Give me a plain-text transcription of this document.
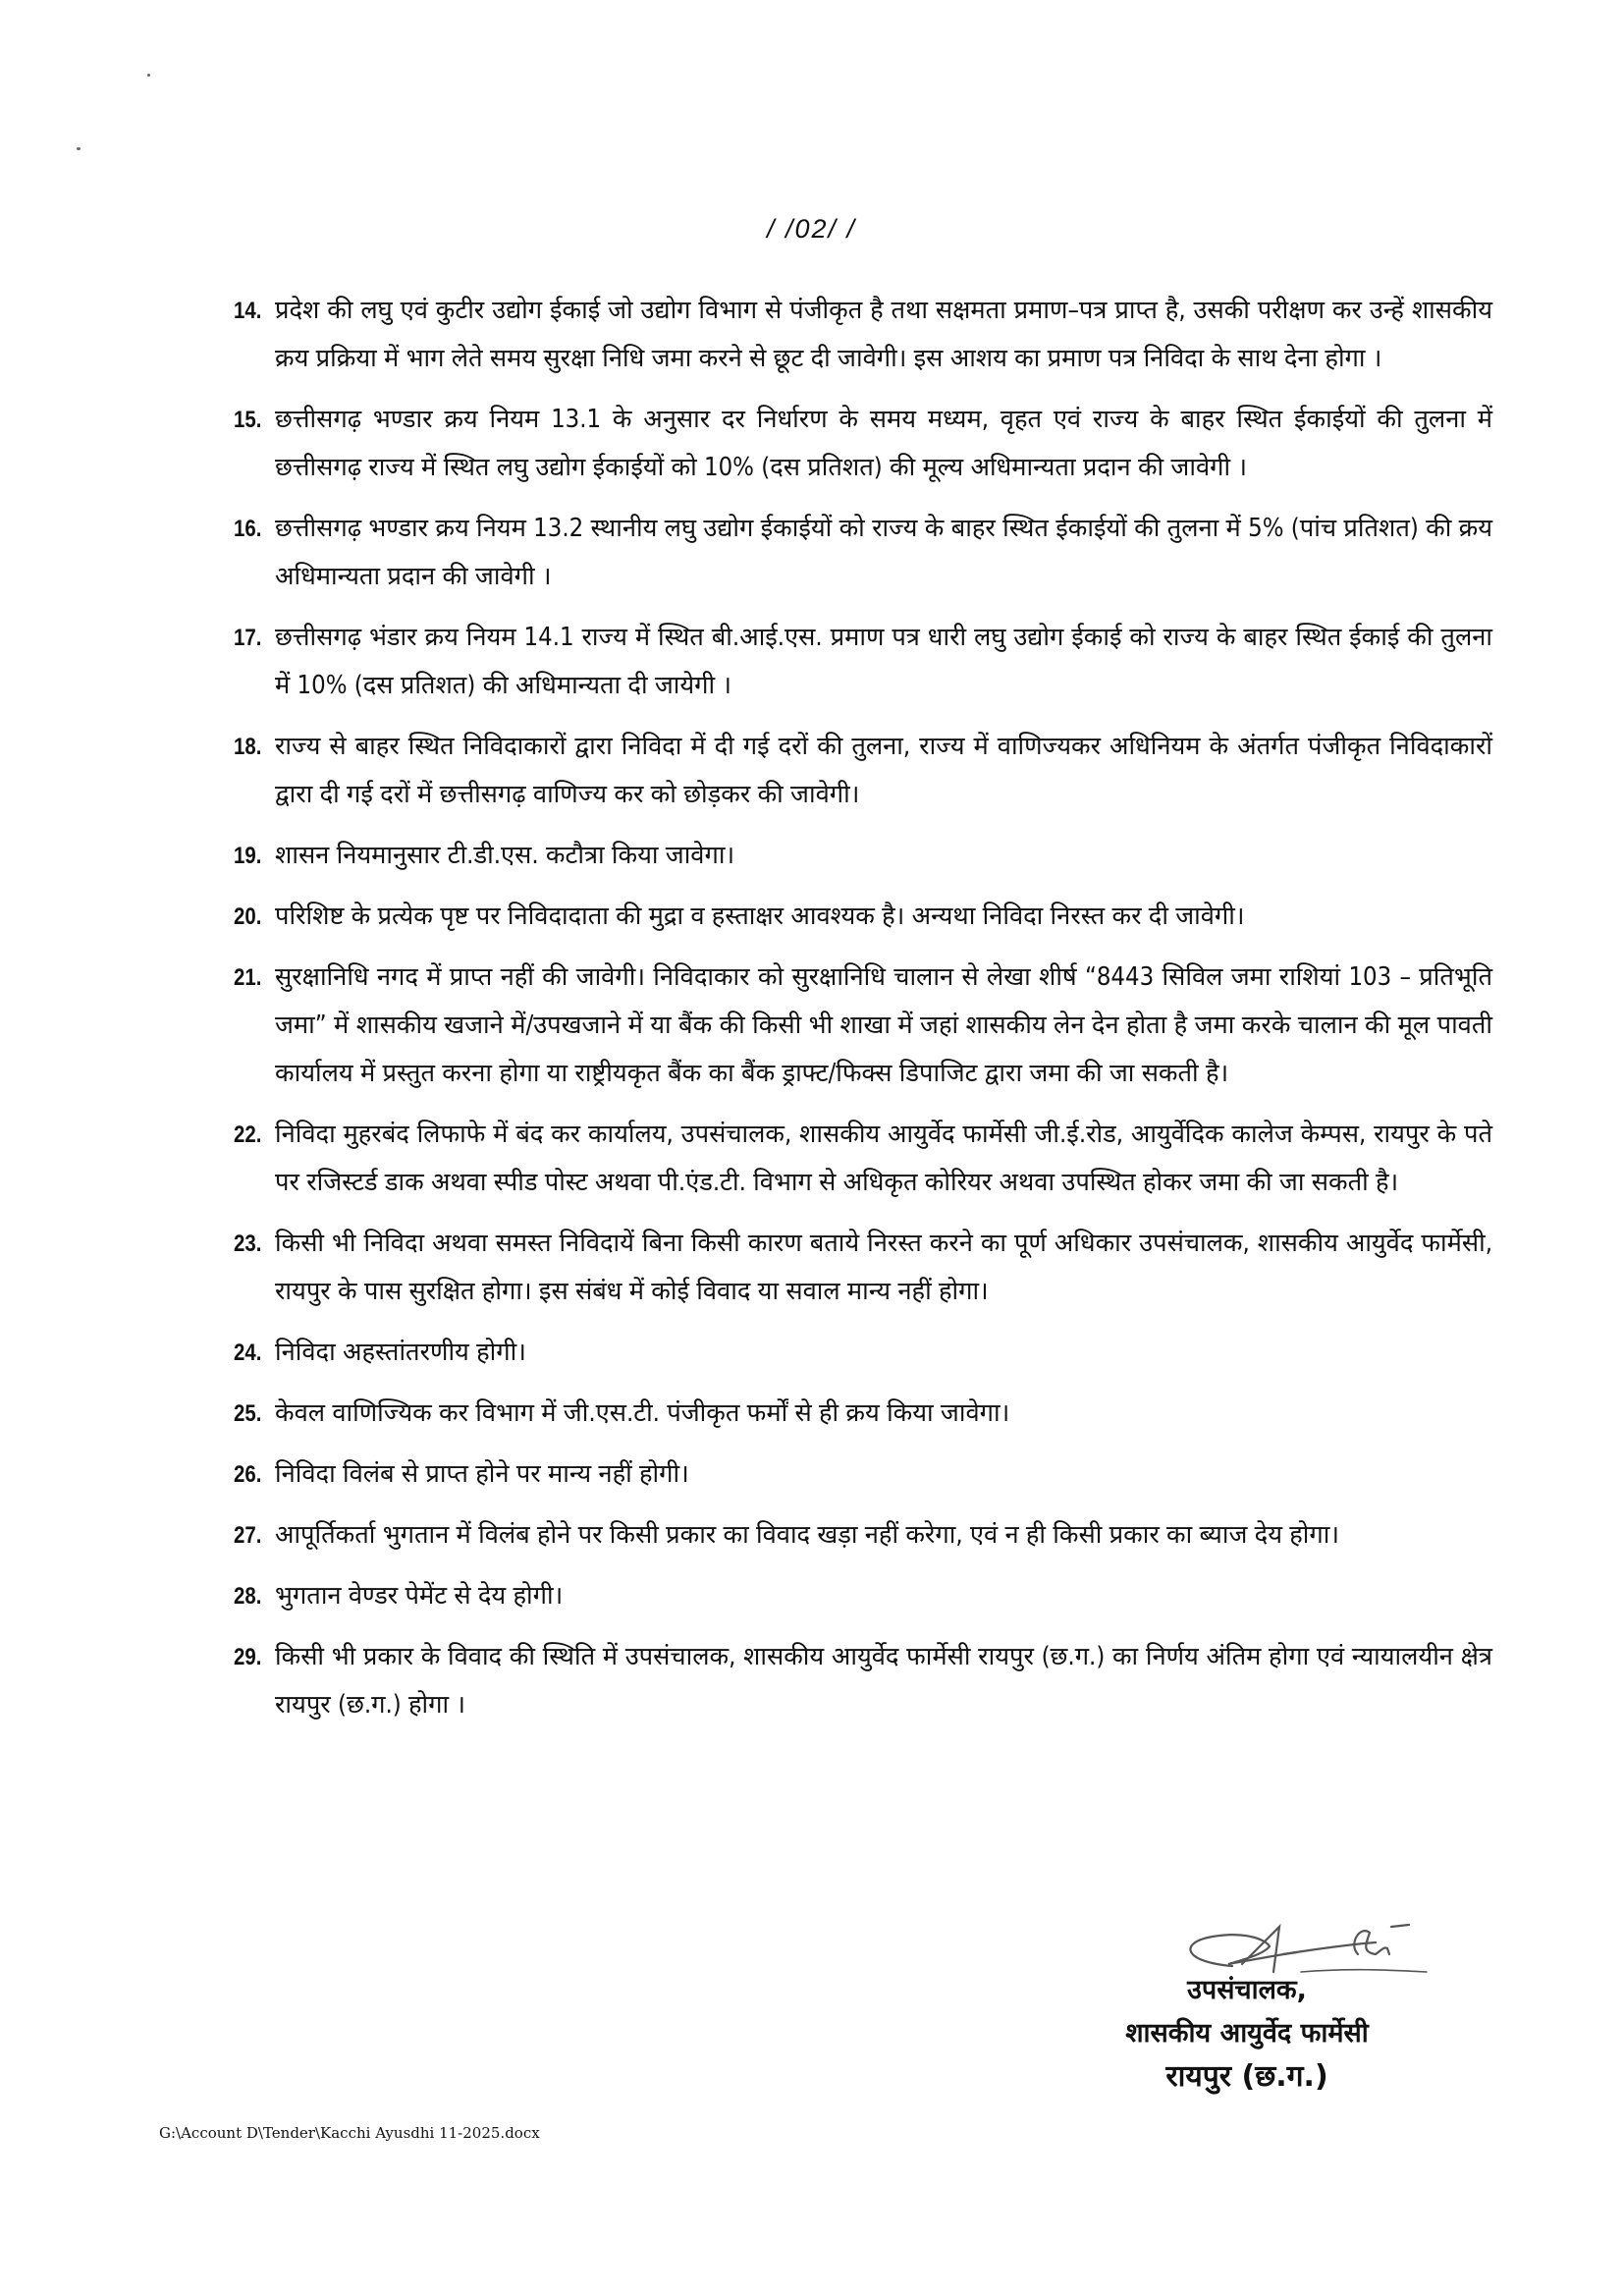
/ /02/ /
14. प्रदेश की लघु एवं कुटीर उद्योग ईकाई जो उद्योग विभाग से पंजीकृत है तथा सक्षमता प्रमाण–पत्र प्राप्त है, उसकी परीक्षण कर उन्हें शासकीय क्रय प्रक्रिया में भाग लेते समय सुरक्षा निधि जमा करने से छूट दी जावेगी। इस आशय का प्रमाण पत्र निविदा के साथ देना होगा ।
15. छत्तीसगढ़ भण्डार क्रय नियम 13.1 के अनुसार दर निर्धारण के समय मध्यम, वृहत एवं राज्य के बाहर स्थित ईकाईयों की तुलना में छत्तीसगढ़ राज्य में स्थित लघु उद्योग ईकाईयों को 10% (दस प्रतिशत) की मूल्य अधिमान्यता प्रदान की जावेगी ।
16. छत्तीसगढ़ भण्डार क्रय नियम 13.2 स्थानीय लघु उद्योग ईकाईयों को राज्य के बाहर स्थित ईकाईयों की तुलना में 5% (पांच प्रतिशत) की क्रय अधिमान्यता प्रदान की जावेगी ।
17. छत्तीसगढ़ भंडार क्रय नियम 14.1 राज्य में स्थित बी.आई.एस. प्रमाण पत्र धारी लघु उद्योग ईकाई को राज्य के बाहर स्थित ईकाई की तुलना में 10% (दस प्रतिशत) की अधिमान्यता दी जायेगी ।
18. राज्य से बाहर स्थित निविदाकारों द्वारा निविदा में दी गई दरों की तुलना, राज्य में वाणिज्यकर अधिनियम के अंतर्गत पंजीकृत निविदाकारों द्वारा दी गई दरों में छत्तीसगढ़ वाणिज्य कर को छोड़कर की जावेगी।
19. शासन नियमानुसार टी.डी.एस. कटौत्रा किया जावेगा।
20. परिशिष्ट के प्रत्येक पृष्ट पर निविदादाता की मुद्रा व हस्ताक्षर आवश्यक है। अन्यथा निविदा निरस्त कर दी जावेगी।
21. सुरक्षानिधि नगद में प्राप्त नहीं की जावेगी। निविदाकार को सुरक्षानिधि चालान से लेखा शीर्ष “8443 सिविल जमा राशियां 103 – प्रतिभूति जमा” में शासकीय खजाने में/उपखजाने में या बैंक की किसी भी शाखा में जहां शासकीय लेन देन होता है जमा करके चालान की मूल पावती कार्यालय में प्रस्तुत करना होगा या राष्ट्रीयकृत बैंक का बैंक ड्राफ्ट/फिक्स डिपाजिट द्वारा जमा की जा सकती है।
22. निविदा मुहरबंद लिफाफे में बंद कर कार्यालय, उपसंचालक, शासकीय आयुर्वेद फार्मेसी जी.ई.रोड, आयुर्वेदिक कालेज केम्पस, रायपुर के पते पर रजिस्टर्ड डाक अथवा स्पीड पोस्ट अथवा पी.एंड.टी. विभाग से अधिकृत कोरियर अथवा उपस्थित होकर जमा की जा सकती है।
23. किसी भी निविदा अथवा समस्त निविदायें बिना किसी कारण बताये निरस्त करने का पूर्ण अधिकार उपसंचालक, शासकीय आयुर्वेद फार्मेसी, रायपुर के पास सुरक्षित होगा। इस संबंध में कोई विवाद या सवाल मान्य नहीं होगा।
24. निविदा अहस्तांतरणीय होगी।
25. केवल वाणिज्यिक कर विभाग में जी.एस.टी. पंजीकृत फर्मों से ही क्रय किया जावेगा।
26. निविदा विलंब से प्राप्त होने पर मान्य नहीं होगी।
27. आपूर्तिकर्ता भुगतान में विलंब होने पर किसी प्रकार का विवाद खड़ा नहीं करेगा, एवं न ही किसी प्रकार का ब्याज देय होगा।
28. भुगतान वेण्डर पेमेंट से देय होगी।
29. किसी भी प्रकार के विवाद की स्थिति में उपसंचालक, शासकीय आयुर्वेद फार्मेसी रायपुर (छ.ग.) का निर्णय अंतिम होगा एवं न्यायालयीन क्षेत्र रायपुर (छ.ग.) होगा ।
उपसंचालक,
शासकीय आयुर्वेद फार्मेसी
रायपुर (छ.ग.)
G:\Account D\Tender\Kacchi Ayusdhi 11-2025.docx
